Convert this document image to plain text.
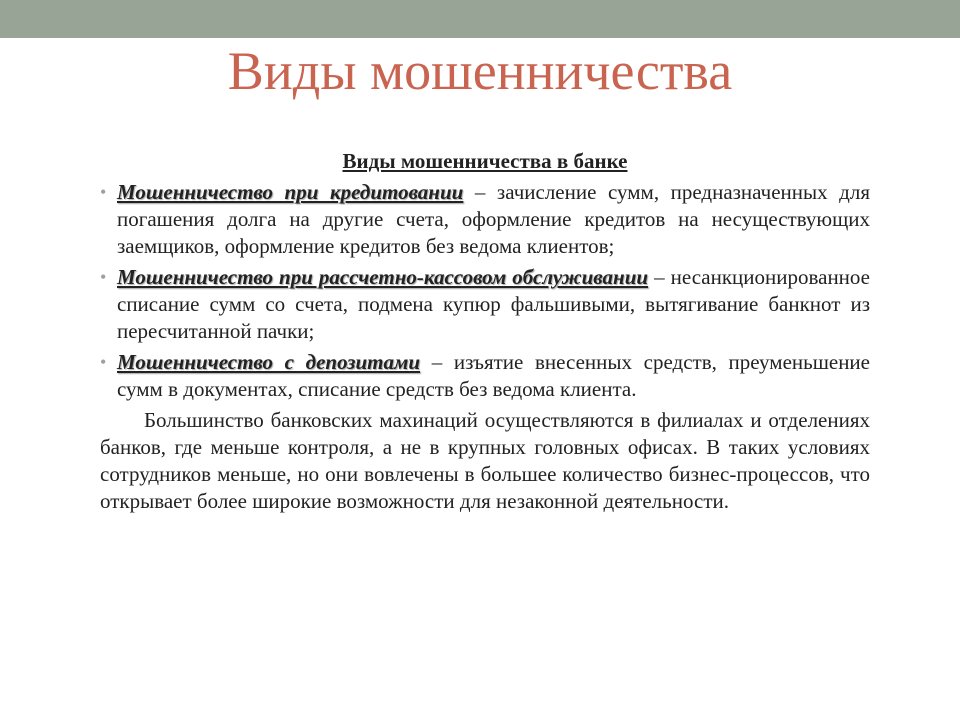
Виды мошенничества

Виды мошенничества в банке

• Мошенничество при кредитовании – зачисление сумм, предназначенных для погашения долга на другие счета, оформление кредитов на несуществующих заемщиков, оформление кредитов без ведома клиентов;
• Мошенничество при рассчетно-кассовом обслуживании – несанкционированное списание сумм со счета, подмена купюр фальшивыми, вытягивание банкнот из пересчитанной пачки;
• Мошенничество с депозитами – изъятие внесенных средств, преуменьшение сумм в документах, списание средств без ведома клиента.

Большинство банковских махинаций осуществляются в филиалах и отделениях банков, где меньше контроля, а не в крупных головных офисах. В таких условиях сотрудников меньше, но они вовлечены в большее количество бизнес-процессов, что открывает более широкие возможности для незаконной деятельности.
